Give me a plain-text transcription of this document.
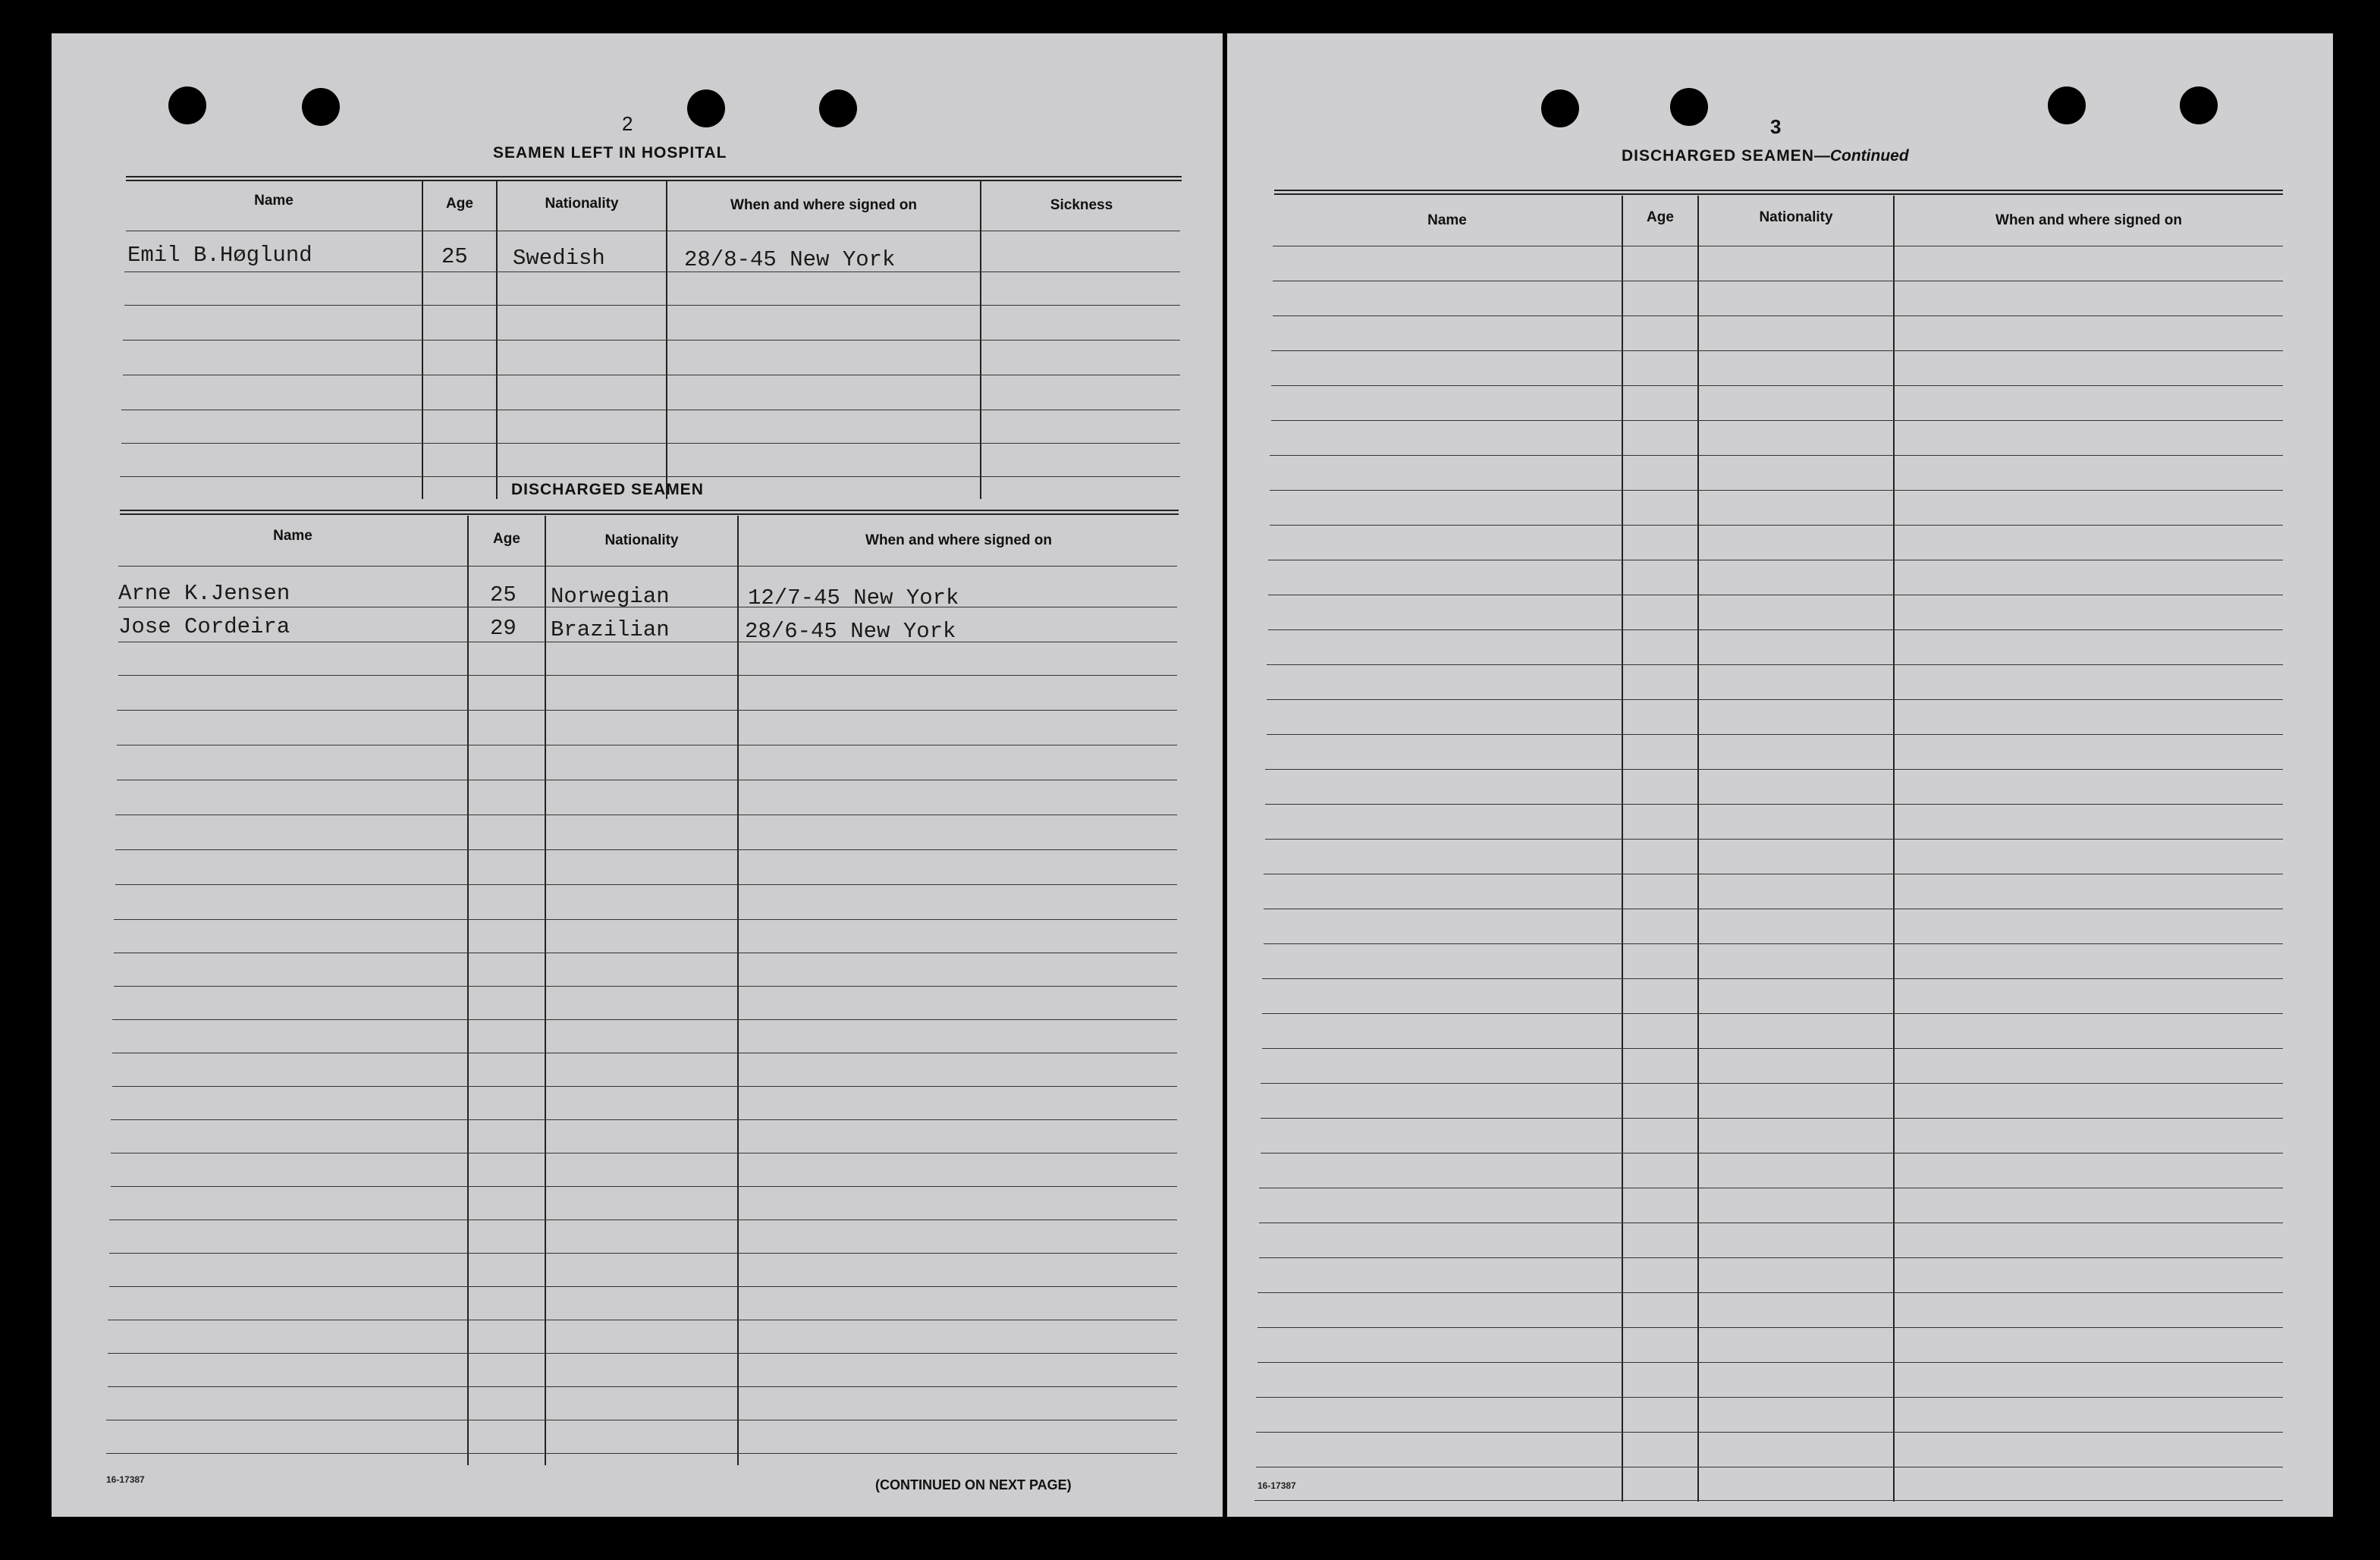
2
SEAMEN LEFT IN HOSPITAL
Name	Age	Nationality	When and where signed on	Sickness
Emil B.Høglund	25 Swedish	28/8-45 New York
DISCHARGED SEAMEN
Name	Age	Nationality	When and where signed on
Arne K.Jensen	25 Norwegian	12/7-45 New York
Jose Cordeira	29 Brazilian	28/6-45 New York
16-17387	(CONTINUED ON NEXT PAGE)
3
DISCHARGED SEAMEN—Continued
Name	Age	Nationality	When and where signed on
16-17387
